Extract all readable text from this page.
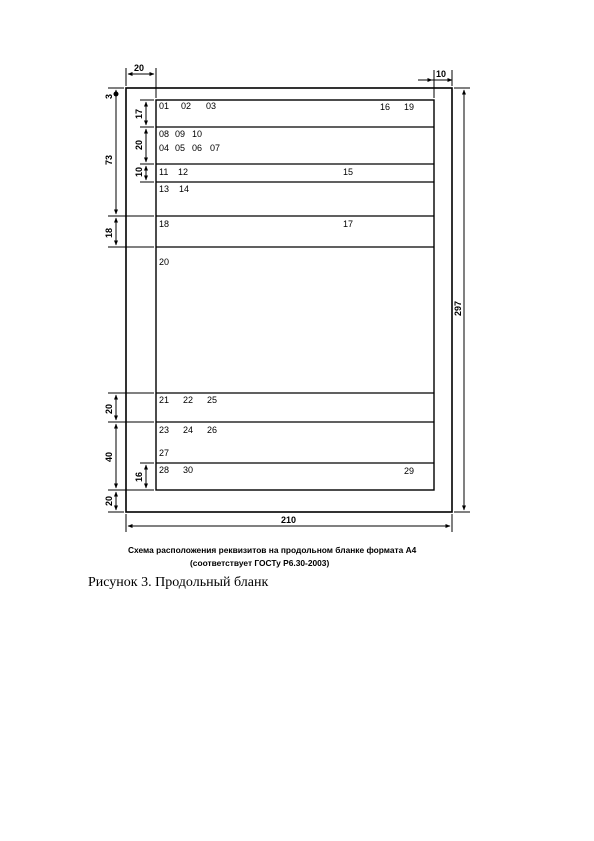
20
10
210
297
3
73
18
20
40
20
17
20
10
16
01 02 03	16 19
08 09 10
04 05 06 07
11 12	15
13 14
18	17
20
21 22 25
23 24 26
27
28 30	29
Схема расположения реквизитов на продольном бланке формата А4
(соответствует ГОСТу Р6.30-2003)
Рисунок 3. Продольный бланк
